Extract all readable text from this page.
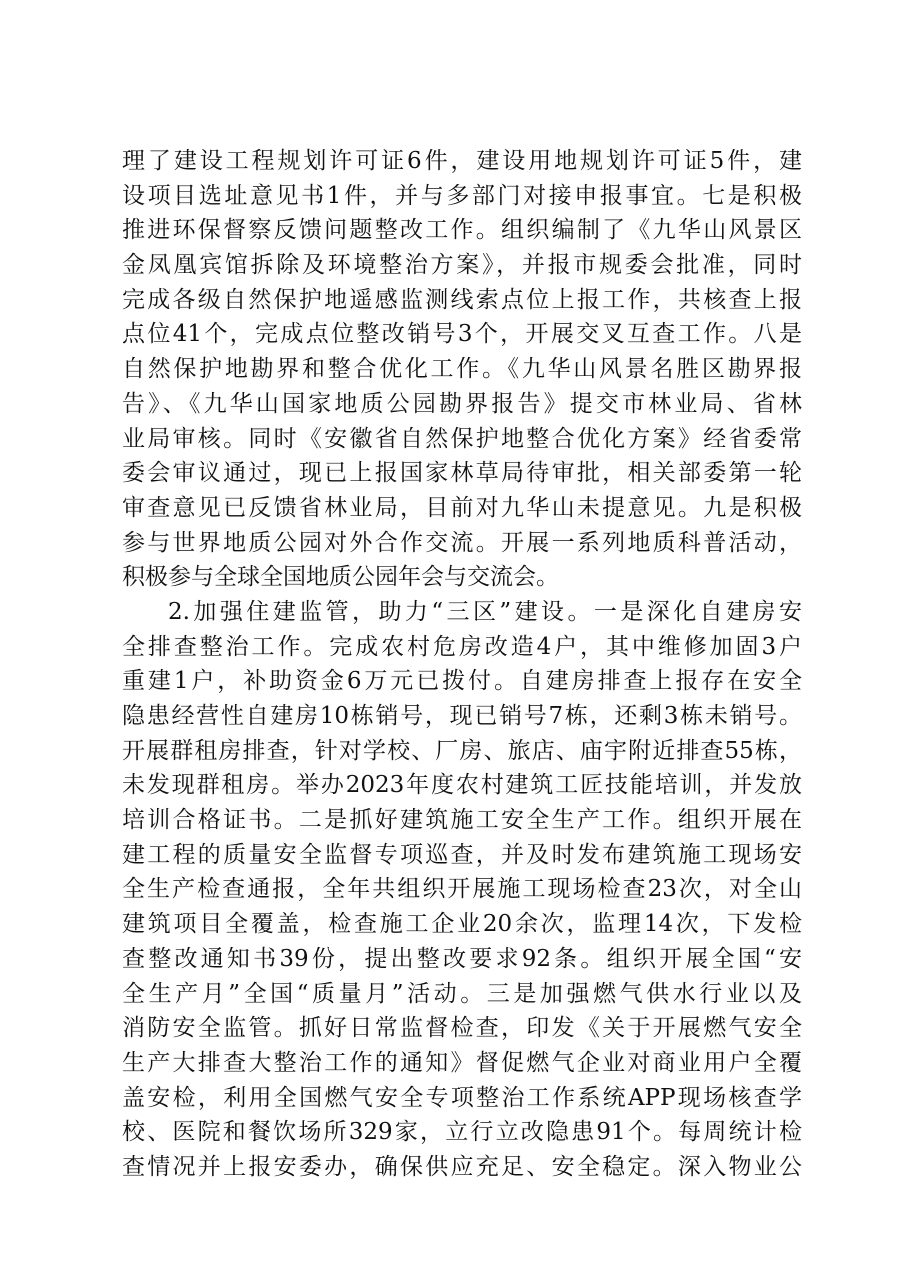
理了建设工程规划许可证6件，建设用地规划许可证5件，建
设项目选址意见书1件，并与多部门对接申报事宜。七是积极
推进环保督察反馈问题整改工作。组织编制了《九华山风景区
金凤凰宾馆拆除及环境整治方案》，并报市规委会批准，同时
完成各级自然保护地遥感监测线索点位上报工作，共核查上报
点位41个，完成点位整改销号3个，开展交叉互查工作。八是
自然保护地勘界和整合优化工作。《九华山风景名胜区勘界报
告》、《九华山国家地质公园勘界报告》提交市林业局、省林
业局审核。同时《安徽省自然保护地整合优化方案》经省委常
委会审议通过，现已上报国家林草局待审批，相关部委第一轮
审查意见已反馈省林业局，目前对九华山未提意见。九是积极
参与世界地质公园对外合作交流。开展一系列地质科普活动，
积极参与全球全国地质公园年会与交流会。
2.加强住建监管，助力“三区”建设。一是深化自建房安
全排查整治工作。完成农村危房改造4户，其中维修加固3户
重建1户，补助资金6万元已拨付。自建房排查上报存在安全
隐患经营性自建房10栋销号，现已销号7栋，还剩3栋未销号。
开展群租房排查，针对学校、厂房、旅店、庙宇附近排查55栋，
未发现群租房。举办2023年度农村建筑工匠技能培训，并发放
培训合格证书。二是抓好建筑施工安全生产工作。组织开展在
建工程的质量安全监督专项巡查，并及时发布建筑施工现场安
全生产检查通报，全年共组织开展施工现场检查23次，对全山
建筑项目全覆盖，检查施工企业20余次，监理14次，下发检
查整改通知书39份，提出整改要求92条。组织开展全国“安
全生产月”全国“质量月”活动。三是加强燃气供水行业以及
消防安全监管。抓好日常监督检查，印发《关于开展燃气安全
生产大排查大整治工作的通知》督促燃气企业对商业用户全覆
盖安检，利用全国燃气安全专项整治工作系统APP现场核查学
校、医院和餐饮场所329家，立行立改隐患91个。每周统计检
查情况并上报安委办，确保供应充足、安全稳定。深入物业公
